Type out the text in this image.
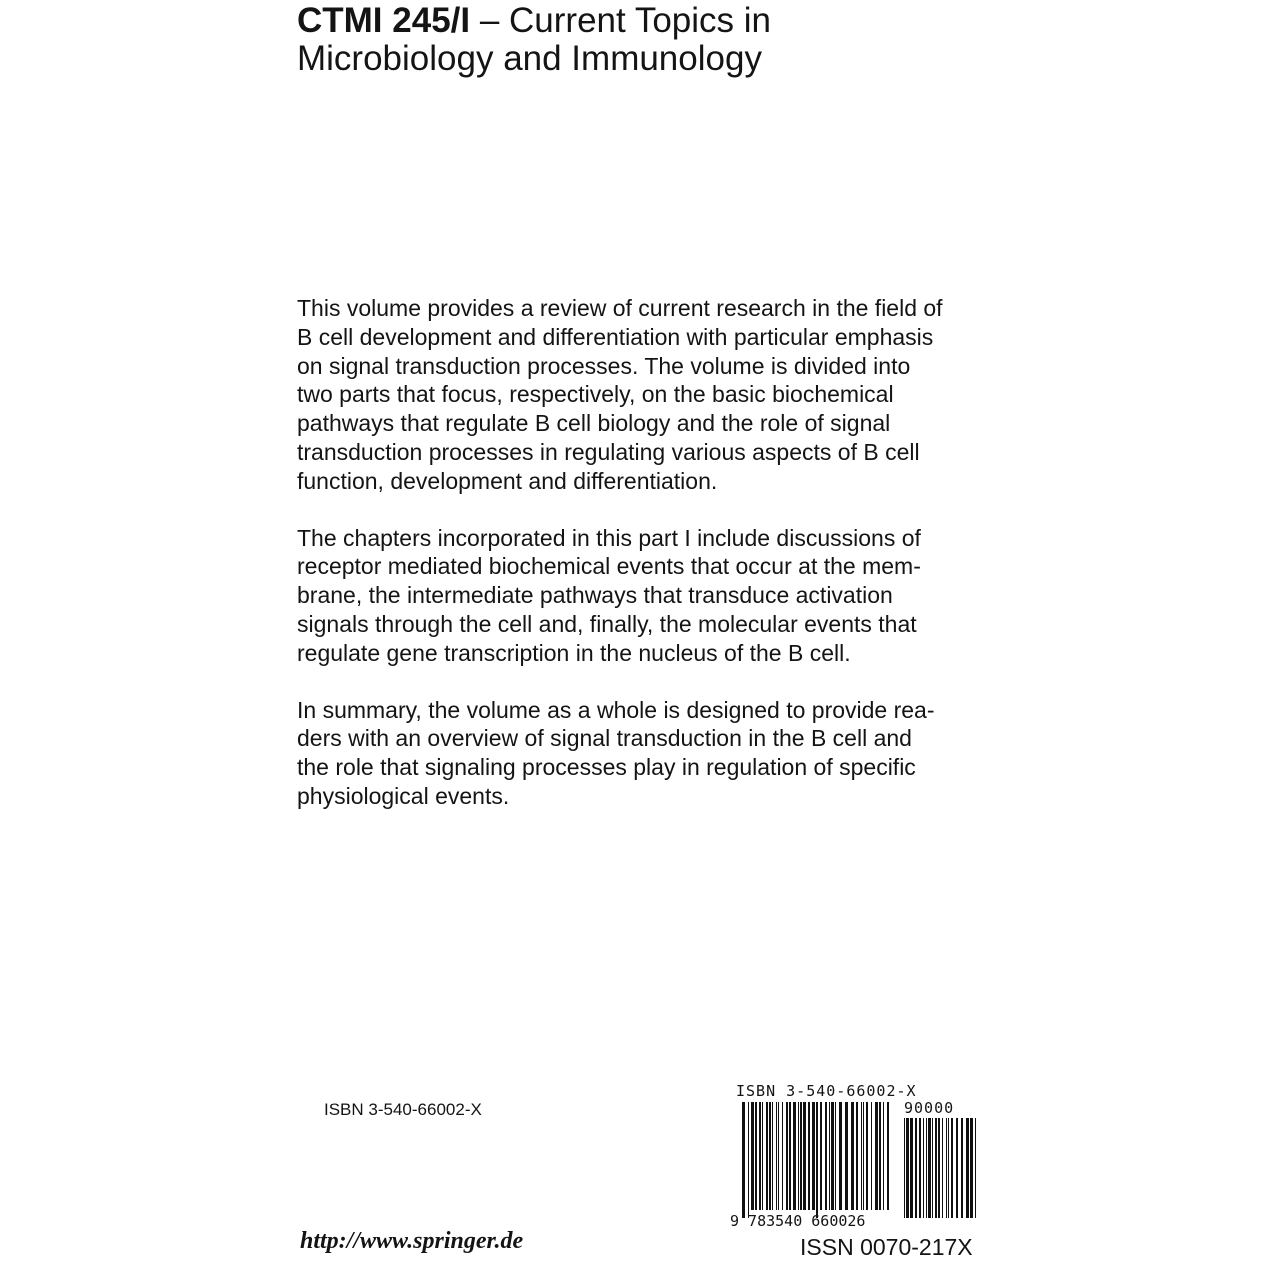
CTMI 245/I – Current Topics in
Microbiology and Immunology

This volume provides a review of current research in the field of
B cell development and differentiation with particular emphasis
on signal transduction processes. The volume is divided into
two parts that focus, respectively, on the basic biochemical
pathways that regulate B cell biology and the role of signal
transduction processes in regulating various aspects of B cell
function, development and differentiation.

The chapters incorporated in this part I include discussions of
receptor mediated biochemical events that occur at the mem-
brane, the intermediate pathways that transduce activation
signals through the cell and, finally, the molecular events that
regulate gene transcription in the nucleus of the B cell.

In summary, the volume as a whole is designed to provide rea-
ders with an overview of signal transduction in the B cell and
the role that signaling processes play in regulation of specific
physiological events.

ISBN 3-540-66002-X
ISBN 3-540-66002-X
90000
9 783540 660026
http://www.springer.de	ISSN 0070-217X
